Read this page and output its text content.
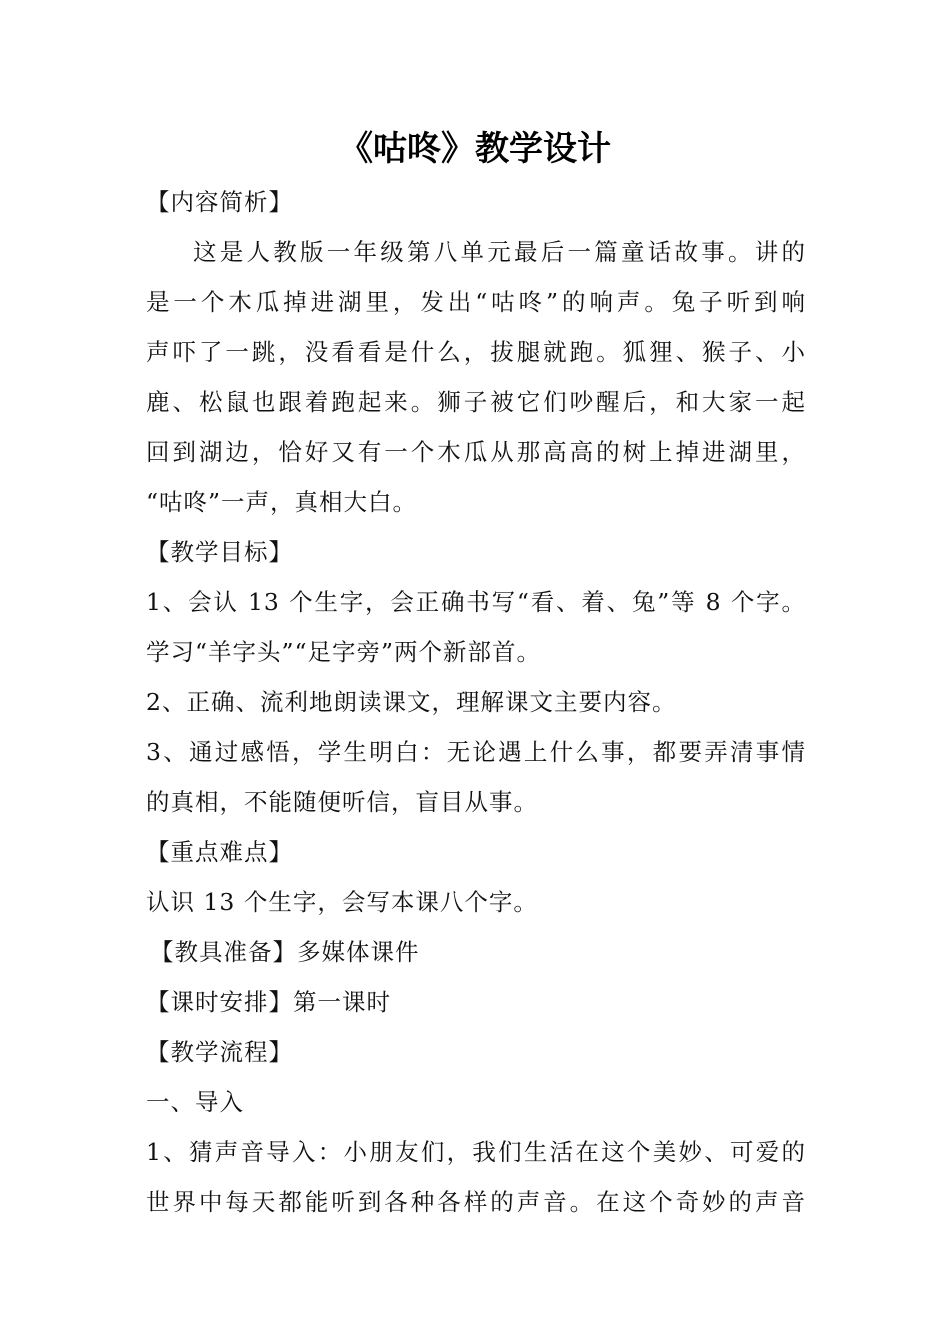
《咕咚》教学设计

【内容简析】

这是人教版一年级第八单元最后一篇童话故事。讲的

是一个木瓜掉进湖里，发出“咕咚”的响声。兔子听到响

声吓了一跳，没看看是什么，拔腿就跑。狐狸、猴子、小

鹿、松鼠也跟着跑起来。狮子被它们吵醒后，和大家一起

回到湖边，恰好又有一个木瓜从那高高的树上掉进湖里，

“咕咚”一声，真相大白。

【教学目标】

1、会认 13 个生字，会正确书写“看、着、兔”等 8 个字。

学习“羊字头”“足字旁”两个新部首。

2、正确、流利地朗读课文，理解课文主要内容。

3、通过感悟，学生明白：无论遇上什么事，都要弄清事情

的真相，不能随便听信，盲目从事。

【重点难点】

认识 13 个生字，会写本课八个字。

【教具准备】多媒体课件

【课时安排】第一课时

【教学流程】

一、导入

1、猜声音导入：小朋友们，我们生活在这个美妙、可爱的

世界中每天都能听到各种各样的声音。在这个奇妙的声音
